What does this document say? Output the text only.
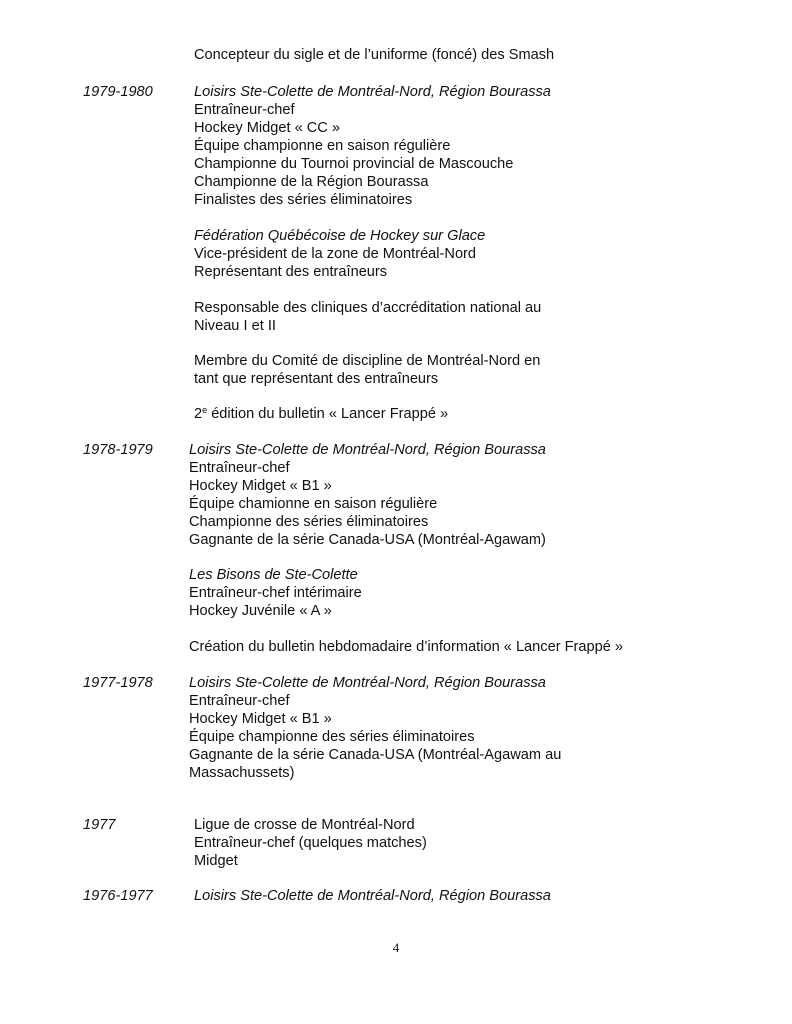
Concepteur du sigle et de l’uniforme (foncé) des Smash
1979-1980	Loisirs Ste-Colette de Montréal-Nord, Région Bourassa
Entraîneur-chef
Hockey Midget « CC »
Équipe championne en saison régulière
Championne du Tournoi provincial de Mascouche
Championne de la Région Bourassa
Finalistes des séries éliminatoires
Fédération Québécoise de Hockey sur Glace
Vice-président de la zone de Montréal-Nord
Représentant des entraîneurs
Responsable des cliniques d’accréditation national au
Niveau I et II
Membre du Comité de discipline de Montréal-Nord en
tant que représentant des entraîneurs
2e édition du bulletin « Lancer Frappé »
1978-1979 Loisirs Ste-Colette de Montréal-Nord, Région Bourassa
Entraîneur-chef
Hockey Midget « B1 »
Équipe chamionne en saison régulière
Championne des séries éliminatoires
Gagnante de la série Canada-USA (Montréal-Agawam)
Les Bisons de Ste-Colette
Entraîneur-chef intérimaire
Hockey Juvénile « A »
Création du bulletin hebdomadaire d’information « Lancer Frappé »
1977-1978 Loisirs Ste-Colette de Montréal-Nord, Région Bourassa
Entraîneur-chef
Hockey Midget « B1 »
Équipe championne des séries éliminatoires
Gagnante de la série Canada-USA (Montréal-Agawam au
Massachussets)
1977	Ligue de crosse de Montréal-Nord
Entraîneur-chef (quelques matches)
Midget
1976-1977	Loisirs Ste-Colette de Montréal-Nord, Région Bourassa
4
